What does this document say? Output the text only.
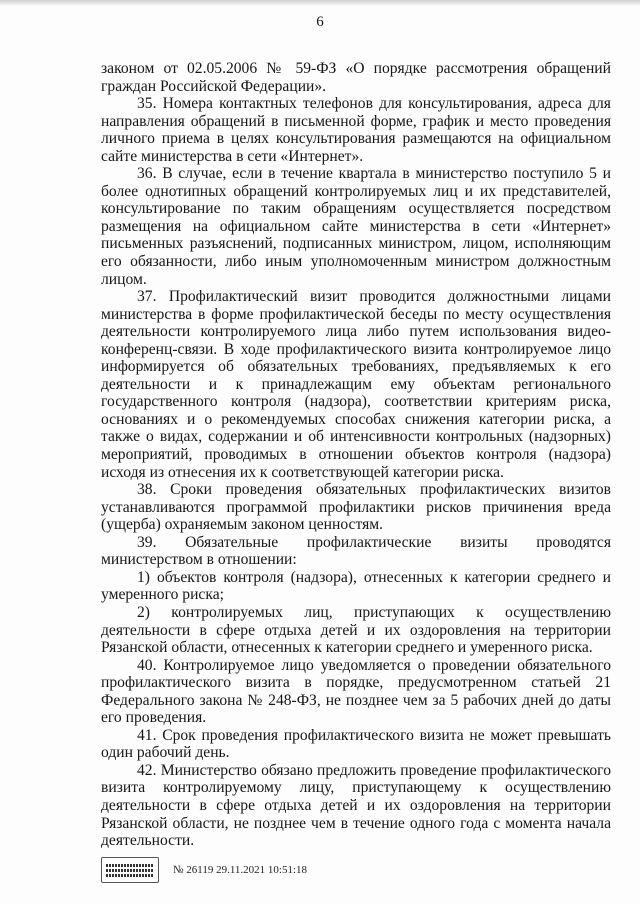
6

законом от 02.05.2006 № 59-ФЗ «О порядке рассмотрения обращений граждан Российской Федерации».

35. Номера контактных телефонов для консультирования, адреса для направления обращений в письменной форме, график и место проведения личного приема в целях консультирования размещаются на официальном сайте министерства в сети «Интернет».

36. В случае, если в течение квартала в министерство поступило 5 и более однотипных обращений контролируемых лиц и их представителей, консультирование по таким обращениям осуществляется посредством размещения на официальном сайте министерства в сети «Интернет» письменных разъяснений, подписанных министром, лицом, исполняющим его обязанности, либо иным уполномоченным министром должностным лицом.

37. Профилактический визит проводится должностными лицами министерства в форме профилактической беседы по месту осуществления деятельности контролируемого лица либо путем использования видео-конференц-связи. В ходе профилактического визита контролируемое лицо информируется об обязательных требованиях, предъявляемых к его деятельности и к принадлежащим ему объектам регионального государственного контроля (надзора), соответствии критериям риска, основаниях и о рекомендуемых способах снижения категории риска, а также о видах, содержании и об интенсивности контрольных (надзорных) мероприятий, проводимых в отношении объектов контроля (надзора) исходя из отнесения их к соответствующей категории риска.

38. Сроки проведения обязательных профилактических визитов устанавливаются программой профилактики рисков причинения вреда (ущерба) охраняемым законом ценностям.

39. Обязательные профилактические визиты проводятся министерством в отношении:

1) объектов контроля (надзора), отнесенных к категории среднего и умеренного риска;

2) контролируемых лиц, приступающих к осуществлению деятельности в сфере отдыха детей и их оздоровления на территории Рязанской области, отнесенных к категории среднего и умеренного риска.

40. Контролируемое лицо уведомляется о проведении обязательного профилактического визита в порядке, предусмотренном статьей 21 Федерального закона № 248-ФЗ, не позднее чем за 5 рабочих дней до даты его проведения.

41. Срок проведения профилактического визита не может превышать один рабочий день.

42. Министерство обязано предложить проведение профилактического визита контролируемому лицу, приступающему к осуществлению деятельности в сфере отдыха детей и их оздоровления на территории Рязанской области, не позднее чем в течение одного года с момента начала деятельности.

№ 26119 29.11.2021 10:51:18
